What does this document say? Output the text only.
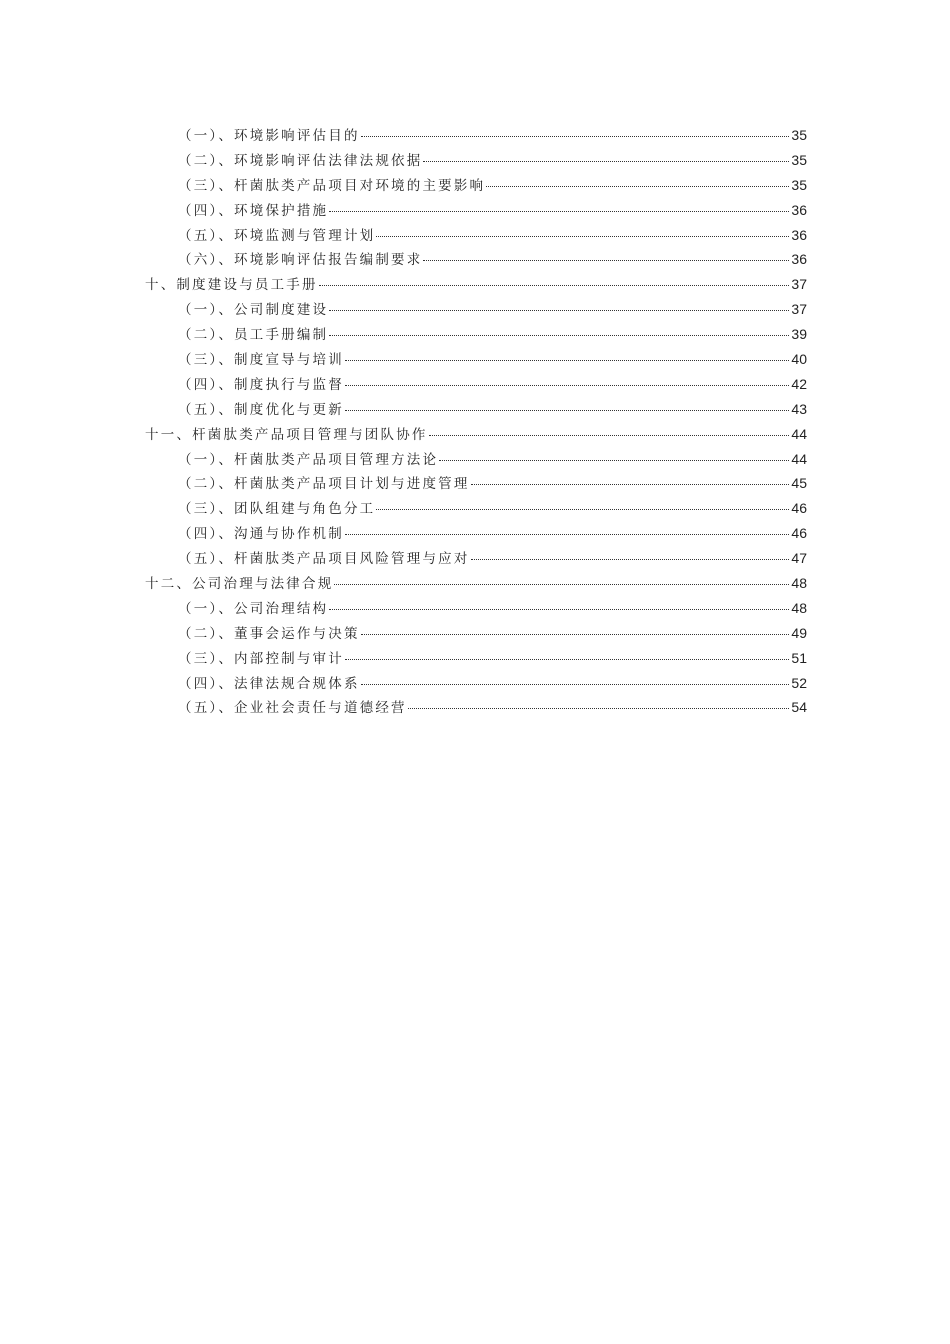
（一）、环境影响评估目的	35
（二）、环境影响评估法律法规依据	35
（三）、杆菌肽类产品项目对环境的主要影响	35
（四）、环境保护措施	36
（五）、环境监测与管理计划	36
（六）、环境影响评估报告编制要求	36
十、制度建设与员工手册	37
（一）、公司制度建设	37
（二）、员工手册编制	39
（三）、制度宣导与培训	40
（四）、制度执行与监督	42
（五）、制度优化与更新	43
十一、杆菌肽类产品项目管理与团队协作	44
（一）、杆菌肽类产品项目管理方法论	44
（二）、杆菌肽类产品项目计划与进度管理	45
（三）、团队组建与角色分工	46
（四）、沟通与协作机制	46
（五）、杆菌肽类产品项目风险管理与应对	47
十二、公司治理与法律合规	48
（一）、公司治理结构	48
（二）、董事会运作与决策	49
（三）、内部控制与审计	51
（四）、法律法规合规体系	52
（五）、企业社会责任与道德经营	54
